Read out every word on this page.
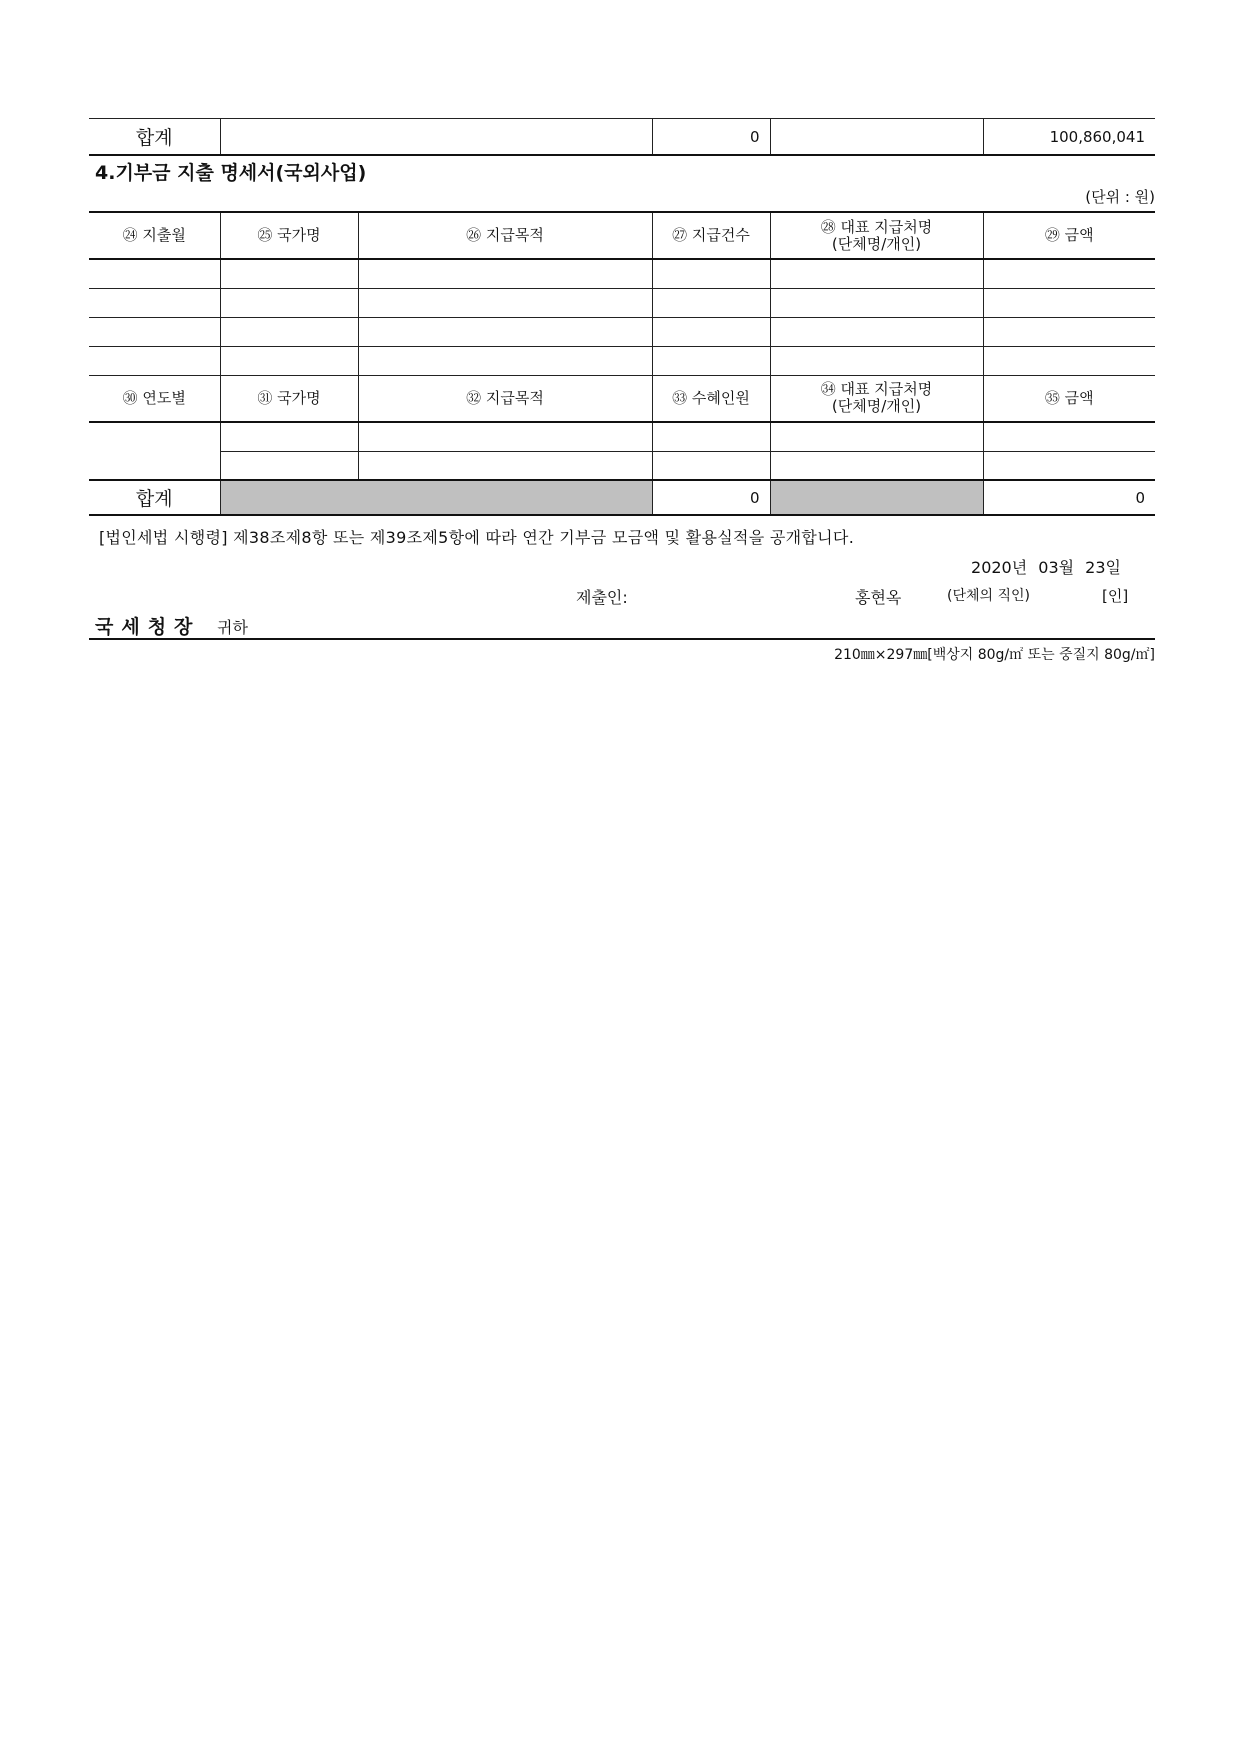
합계		0		100,860,041
4.기부금 지출 명세서(국외사업)
(단위 : 원)
㉔ 지출월	㉕ 국가명	㉖ 지급목적	㉗ 지급건수	㉘ 대표 지급처명
(단체명/개인)	㉙ 금액

㉚ 연도별	㉛ 국가명	㉜ 지급목적	㉝ 수혜인원	㉞ 대표 지급처명
(단체명/개인)	㉟ 금액

합계			0		0
[법인세법 시행령] 제38조제8항 또는 제39조제5항에 따라 연간 기부금 모금액 및 활용실적을 공개합니다.
2020년 03월 23일
제출인:	홍현옥	(단체의 직인)	[인]
국세청장 귀하
210㎜×297㎜[백상지 80g/㎡ 또는 중질지 80g/㎡]
